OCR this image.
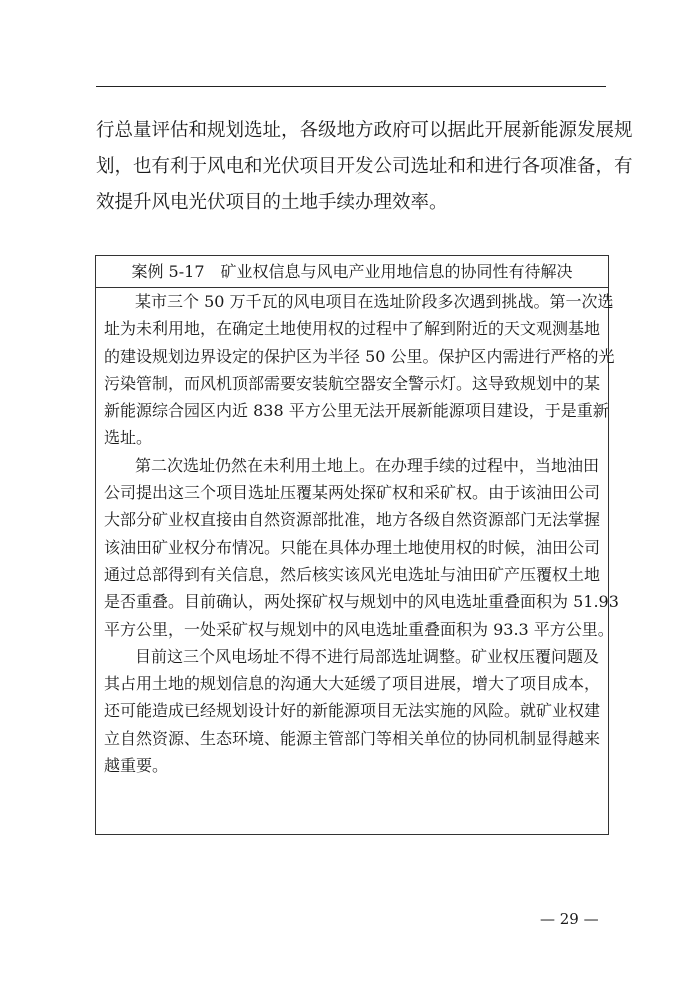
行总量评估和规划选址，各级地方政府可以据此开展新能源发展规
划，也有利于风电和光伏项目开发公司选址和和进行各项准备，有
效提升风电光伏项目的土地手续办理效率。
案例 5-17　矿业权信息与风电产业用地信息的协同性有待解决
某市三个 50 万千瓦的风电项目在选址阶段多次遇到挑战。第一次选
址为未利用地，在确定土地使用权的过程中了解到附近的天文观测基地
的建设规划边界设定的保护区为半径 50 公里。保护区内需进行严格的光
污染管制，而风机顶部需要安装航空器安全警示灯。这导致规划中的某
新能源综合园区内近 838 平方公里无法开展新能源项目建设，于是重新
选址。
第二次选址仍然在未利用土地上。在办理手续的过程中，当地油田
公司提出这三个项目选址压覆某两处探矿权和采矿权。由于该油田公司
大部分矿业权直接由自然资源部批准，地方各级自然资源部门无法掌握
该油田矿业权分布情况。只能在具体办理土地使用权的时候，油田公司
通过总部得到有关信息，然后核实该风光电选址与油田矿产压覆权土地
是否重叠。目前确认，两处探矿权与规划中的风电选址重叠面积为 51.93
平方公里，一处采矿权与规划中的风电选址重叠面积为 93.3 平方公里。
目前这三个风电场址不得不进行局部选址调整。矿业权压覆问题及
其占用土地的规划信息的沟通大大延缓了项目进展，增大了项目成本，
还可能造成已经规划设计好的新能源项目无法实施的风险。就矿业权建
立自然资源、生态环境、能源主管部门等相关单位的协同机制显得越来
越重要。
— 29 —
